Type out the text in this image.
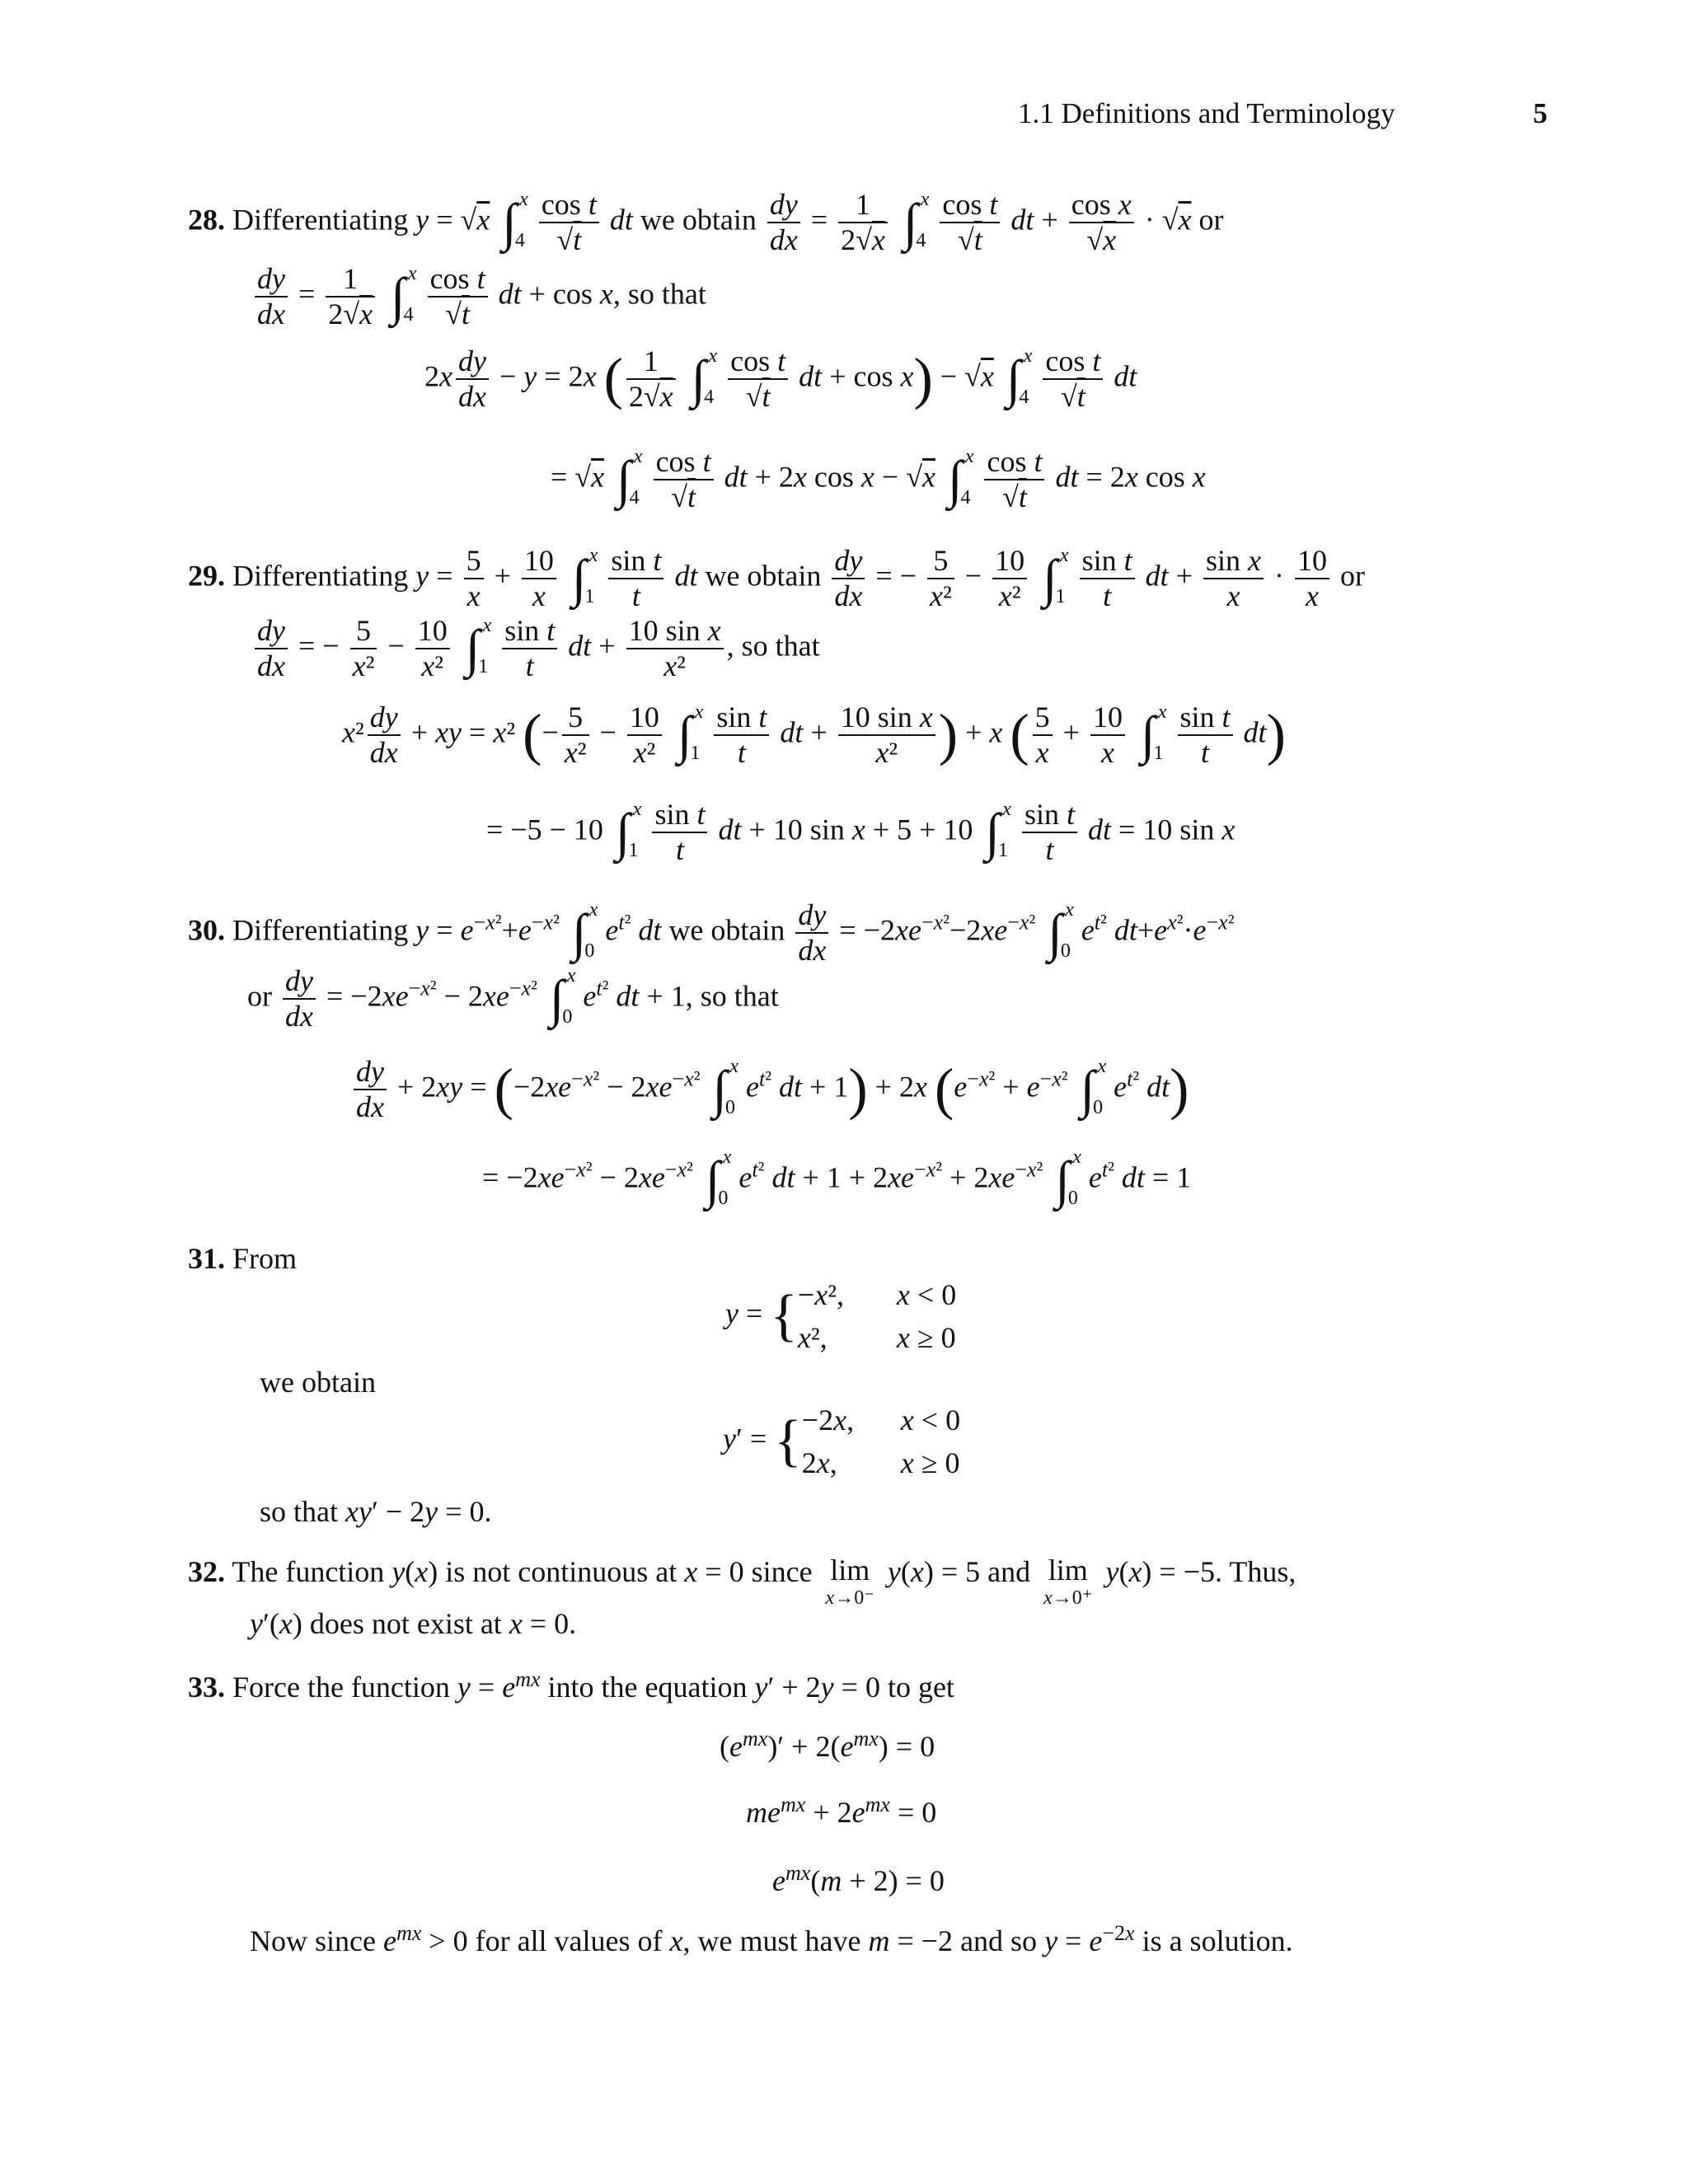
1.1 Definitions and Terminology	5
28. Differentiating y = √x ∫ x
4
$\frac{\text{cos t}}{√t}$ dt we obtain $\frac{dy}{dx} = \frac{1}{2√x}$ ∫ x
4
$\frac{\text{cos t}}{√t}$ dt + $\frac{\text{cos x}}{√x} \cdot √x$ or
$\frac{dy}{dx} = \frac{1}{2√x}$ ∫ x
4
$\frac{\text{cos t}}{√t}$ dt + cos x, so that
$2x \frac{dy}{dx} - y = 2x$ ( $\frac{1}{2√x}$ ∫ x
4
$\frac{\text{cos t}}{√t}$ dt + cos x) − √x ∫ x
4
$\frac{\text{cos t}}{√t}$ dt
= √x ∫ x
4
$\frac{\text{cos t}}{√t}$ dt + 2x cos x − √x ∫ x
4
$\frac{\text{cos t}}{√t}$ dt = 2x cos x
29. Differentiating $y = \frac{5}{x} + \frac{10}{x}$ ∫ x
1
$\frac{\text{sin t}}{t}$ dt we obtain $\frac{dy}{dx}$ = − $\frac{5}{\text{x²}} - \frac{10}{\text{x²}}$ ∫ x
1
$\frac{\text{sin t}}{t}$ dt + $\frac{\text{sin x}}{x} \cdot \frac{10}{x}$ or
$\frac{dy}{dx}$ = − $\frac{5}{\text{x²}} - \frac{10}{\text{x²}}$ ∫ x
1
$\frac{\text{sin t}}{t}$ dt + $\frac{\text{10 sin x}}{\text{x²}}$ , so that
$x^2 \frac{dy}{dx}$ + xy = x² (− $\frac{5}{\text{x²}} - \frac{10}{\text{x²}}$ ∫ x
1
$\frac{\text{sin t}}{t}$ dt + $\frac{\text{10 sin x}}{\text{x²}}$ ) + x ( $\frac{5}{x} + \frac{10}{x}$ ∫ x
1
$\frac{\text{sin t}}{t} dt$)
= −5 − 10 ∫ x
1
$\frac{\text{sin t}}{t}$ dt + 10 sin x + 5 + 10 ∫ x
1
$\frac{\text{sin t}}{t}$ dt = 10 sin x
30. Differentiating $y = e^{-x^2}+e^{-x^2}$ ∫ x
0
$e^{t^2}$ dt we obtain $\frac{dy}{dx} = -2xe^{-x^2}-2xe^{-x^2}$ ∫ x
0
$e^{t^2}$ $dt+e^{x^2}\cdot e^{-x^2}$
or $\frac{dy}{dx} = -2xe^{-x^2} - 2xe^{-x^2}$ ∫ x
0
$e^{t^2}$ dt + 1, so that
$\frac{dy}{dx} + 2xy = (-2xe^{-x^2} - 2xe^{-x^2}$ ∫ x
0
$e^{t^2}$ dt + 1) + 2x ($e^{-x^2} + e^{-x^2}$ ∫ x
0
$e^{t^2}$ dt)
= $-2xe^{-x^2} - 2xe^{-x^2}$ ∫ x
0
$e^{t^2}$ dt + $1 + 2xe^{-x^2} + 2xe^{-x^2}$ ∫ x
0
$e^{t^2}$ dt = 1
31. From
y = { −x², x < 0
x², x ≥ 0
we obtain
y′ = { −2x, x < 0
2x, x ≥ 0
so that xy′ − 2y = 0.
32. The function y(x) is not continuous at x = 0 since lim
x→0⁻
y(x) = 5 and lim
x→0⁺
y(x) = −5. Thus,
y′(x) does not exist at x = 0.
33. Force the function $y = e^{mx}$ into the equation y′ + 2y = 0 to get
$(e^{mx})' + 2(e^{mx}) = 0$
$me^{mx} + 2e^{mx} = 0$
$e^{mx}(m + 2) = 0$
Now since $e^{mx} > 0$ for all values of x, we must have m = −2 and so $y = e^{-2x}$ is a solution.
